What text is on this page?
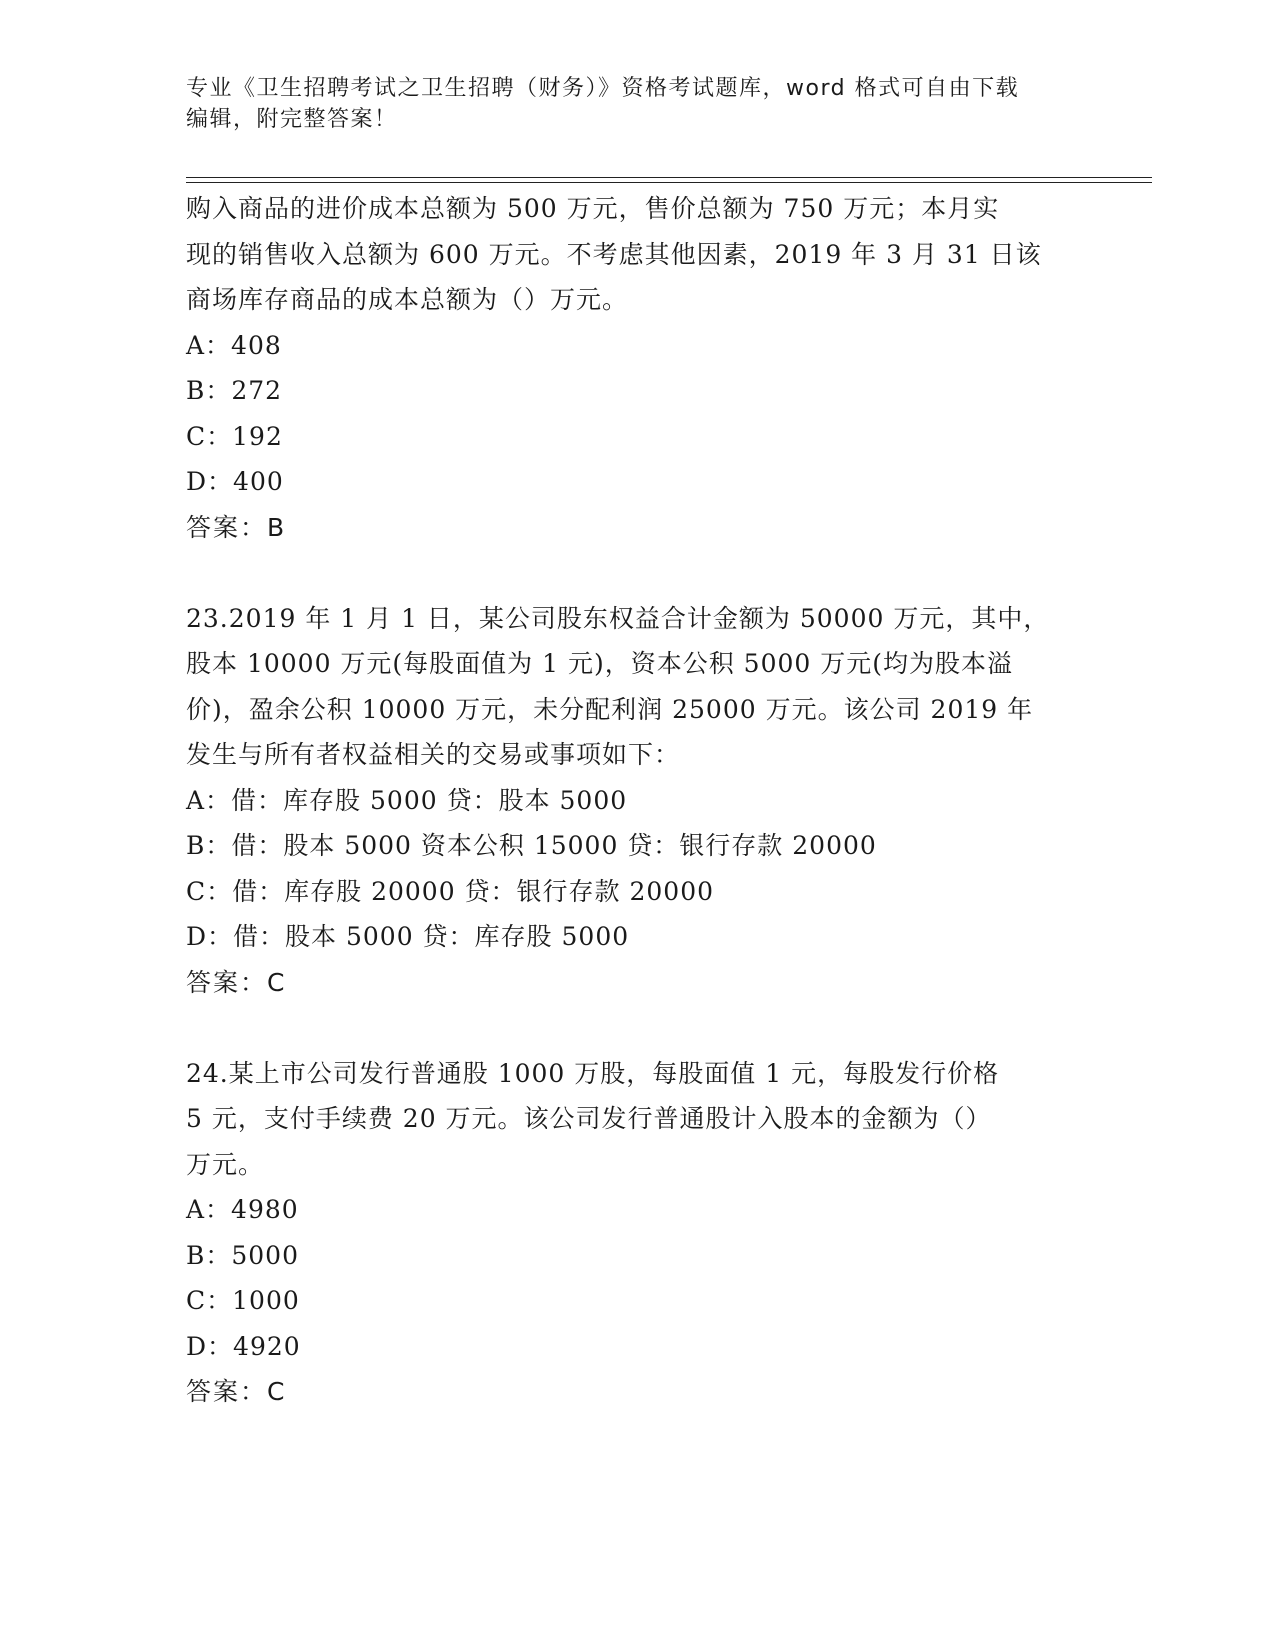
专业《卫生招聘考试之卫生招聘（财务）》资格考试题库，word 格式可自由下载
编辑，附完整答案！
购入商品的进价成本总额为 500 万元，售价总额为 750 万元；本月实
现的销售收入总额为 600 万元。不考虑其他因素，2019 年 3 月 31 日该
商场库存商品的成本总额为（）万元。
A：408
B：272
C：192
D：400
答案：B
23.2019 年 1 月 1 日，某公司股东权益合计金额为 50000 万元，其中，
股本 10000 万元(每股面值为 1 元)，资本公积 5000 万元(均为股本溢
价)，盈余公积 10000 万元，未分配利润 25000 万元。该公司 2019 年
发生与所有者权益相关的交易或事项如下：
A：借：库存股 5000 贷：股本 5000
B：借：股本 5000 资本公积 15000 贷：银行存款 20000
C：借：库存股 20000 贷：银行存款 20000
D：借：股本 5000 贷：库存股 5000
答案：C
24.某上市公司发行普通股 1000 万股，每股面值 1 元，每股发行价格
5 元，支付手续费 20 万元。该公司发行普通股计入股本的金额为（）
万元。
A：4980
B：5000
C：1000
D：4920
答案：C
